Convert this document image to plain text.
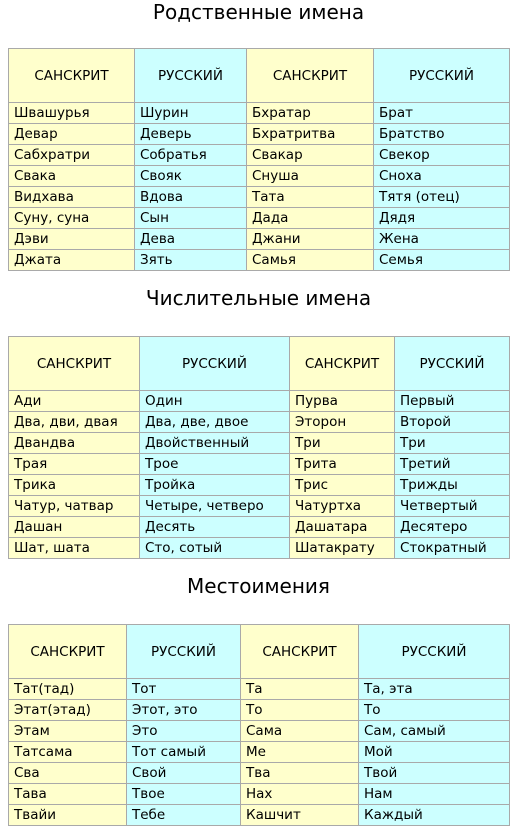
Родственные имена
САНСКРИТ	РУССКИЙ	САНСКРИТ	РУССКИЙ
Швашурья	Шурин	Бхратар	Брат
Девар	Деверь	Бхратритва	Братство
Сабхратри	Собратья	Свакар	Свекор
Свака	Свояк	Снуша	Сноха
Видхава	Вдова	Тата	Тятя (отец)
Суну, суна	Сын	Дада	Дядя
Дэви	Дева	Джани	Жена
Джата	Зять	Самья	Семья
Числительные имена
САНСКРИТ	РУССКИЙ	САНСКРИТ	РУССКИЙ
Ади	Один	Пурва	Первый
Два, дви, двая	Два, две, двое	Эторон	Второй
Двандва	Двойственный	Три	Три
Трая	Трое	Трита	Третий
Трика	Тройка	Трис	Трижды
Чатур, чатвар	Четыре, четверо	Чатуртха	Четвертый
Дашан	Десять	Дашатара	Десятеро
Шат, шата	Сто, сотый	Шатакрату	Стократный
Местоимения
САНСКРИТ	РУССКИЙ	САНСКРИТ	РУССКИЙ
Тат(тад)	Тот	Та	Та, эта
Этат(этад)	Этот, это	То	То
Этам	Это	Сама	Сам, самый
Татсама	Тот самый	Ме	Мой
Сва	Свой	Тва	Твой
Тава	Твое	Нах	Нам
Твайи	Тебе	Кашчит	Каждый
